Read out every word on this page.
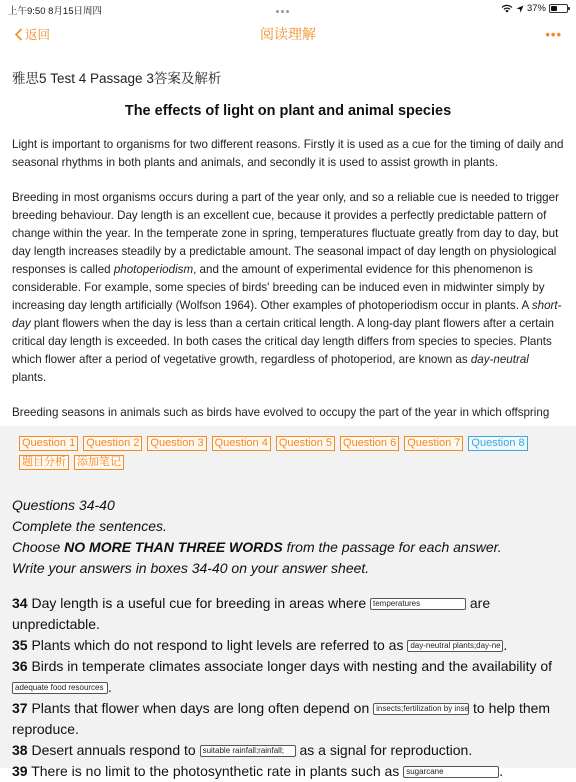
上午9:50 8月15日周四	37%
返回	阅读理解	•••
雅思5 Test 4 Passage 3答案及解析
The effects of light on plant and animal species

Light is important to organisms for two different reasons. Firstly it is used as a cue for the timing of daily and seasonal rhythms in both plants and animals, and secondly it is used to assist growth in plants.

Breeding in most organisms occurs during a part of the year only, and so a reliable cue is needed to trigger breeding behaviour. Day length is an excellent cue, because it provides a perfectly predictable pattern of change within the year. In the temperate zone in spring, temperatures fluctuate greatly from day to day, but day length increases steadily by a predictable amount. The seasonal impact of day length on physiological responses is called photoperiodism, and the amount of experimental evidence for this phenomenon is considerable. For example, some species of birds' breeding can be induced even in midwinter simply by increasing day length artificially (Wolfson 1964). Other examples of photoperiodism occur in plants. A short-day plant flowers when the day is less than a certain critical length. A long-day plant flowers after a certain critical day length is exceeded. In both cases the critical day length differs from species to species. Plants which flower after a period of vegetative growth, regardless of photoperiod, are known as day-neutral plants.

Breeding seasons in animals such as birds have evolved to occupy the part of the year in which offspring

Question 1 Question 2 Question 3 Question 4 Question 5 Question 6 Question 7 Question 8
题目分析 添加笔记
Questions 34-40
Complete the sentences.
Choose NO MORE THAN THREE WORDS from the passage for each answer.
Write your answers in boxes 34-40 on your answer sheet.

34 Day length is a useful cue for breeding in areas where temperatures	are unpredictable.

35 Plants which do not respond to light levels are referred to as day-neutral plants;day-ne .

36 Birds in temperate climates associate longer days with nesting and the availability of adequate food resources .

37 Plants that flower when days are long often depend on insects;fertilization by inse to help them reproduce.

38 Desert annuals respond to suitable rainfall;rainfall; as a signal for reproduction.

39 There is no limit to the photosynthetic rate in plants such as sugarcane	.
